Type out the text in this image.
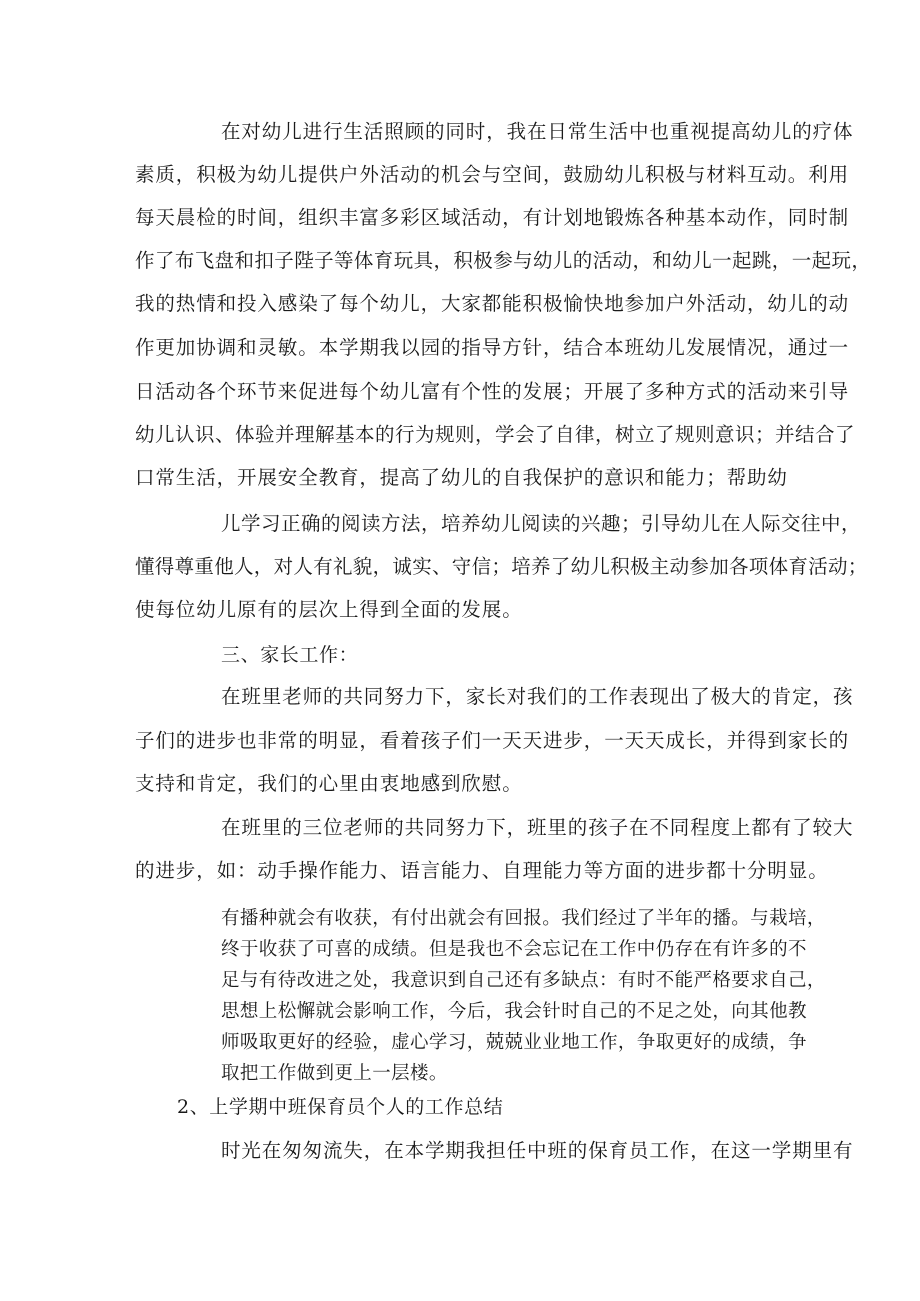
在对幼儿进行生活照顾的同时，我在日常生活中也重视提高幼儿的疗体

素质，积极为幼儿提供户外活动的机会与空间，鼓励幼儿积极与材料互动。利用

每天晨检的时间，组织丰富多彩区域活动，有计划地锻炼各种基本动作，同时制

作了布飞盘和扣子陛子等体育玩具，积极参与幼儿的活动，和幼儿一起跳，一起玩，

我的热情和投入感染了每个幼儿，大家都能积极愉快地参加户外活动，幼儿的动

作更加协调和灵敏。本学期我以园的指导方针，结合本班幼儿发展情况，通过一

日活动各个环节来促进每个幼儿富有个性的发展；开展了多种方式的活动来引导

幼儿认识、体验并理解基本的行为规则，学会了自律，树立了规则意识；并结合了

口常生活，开展安全教育，提高了幼儿的自我保护的意识和能力；帮助幼

儿学习正确的阅读方法，培养幼儿阅读的兴趣；引导幼儿在人际交往中，

懂得尊重他人，对人有礼貌，诚实、守信；培养了幼儿积极主动参加各项体育活动；

使每位幼儿原有的层次上得到全面的发展。

三、家长工作：

在班里老师的共同努力下，家长对我们的工作表现出了极大的肯定，孩

子们的进步也非常的明显，看着孩子们一天天进步，一天天成长，并得到家长的

支持和肯定，我们的心里由衷地感到欣慰。

在班里的三位老师的共同努力下，班里的孩子在不同程度上都有了较大

的进步，如：动手操作能力、语言能力、自理能力等方面的进步都十分明显。

有播种就会有收获，有付出就会有回报。我们经过了半年的播。与栽培，

终于收获了可喜的成绩。但是我也不会忘记在工作中仍存在有许多的不

足与有待改进之处，我意识到自己还有多缺点：有时不能严格要求自己，

思想上松懈就会影响工作，今后，我会针时自己的不足之处，向其他教

师吸取更好的经验，虚心学习，兢兢业业地工作，争取更好的成绩，争

取把工作做到更上一层楼。

2、上学期中班保育员个人的工作总结

时光在匆匆流失，在本学期我担任中班的保育员工作，在这一学期里有
